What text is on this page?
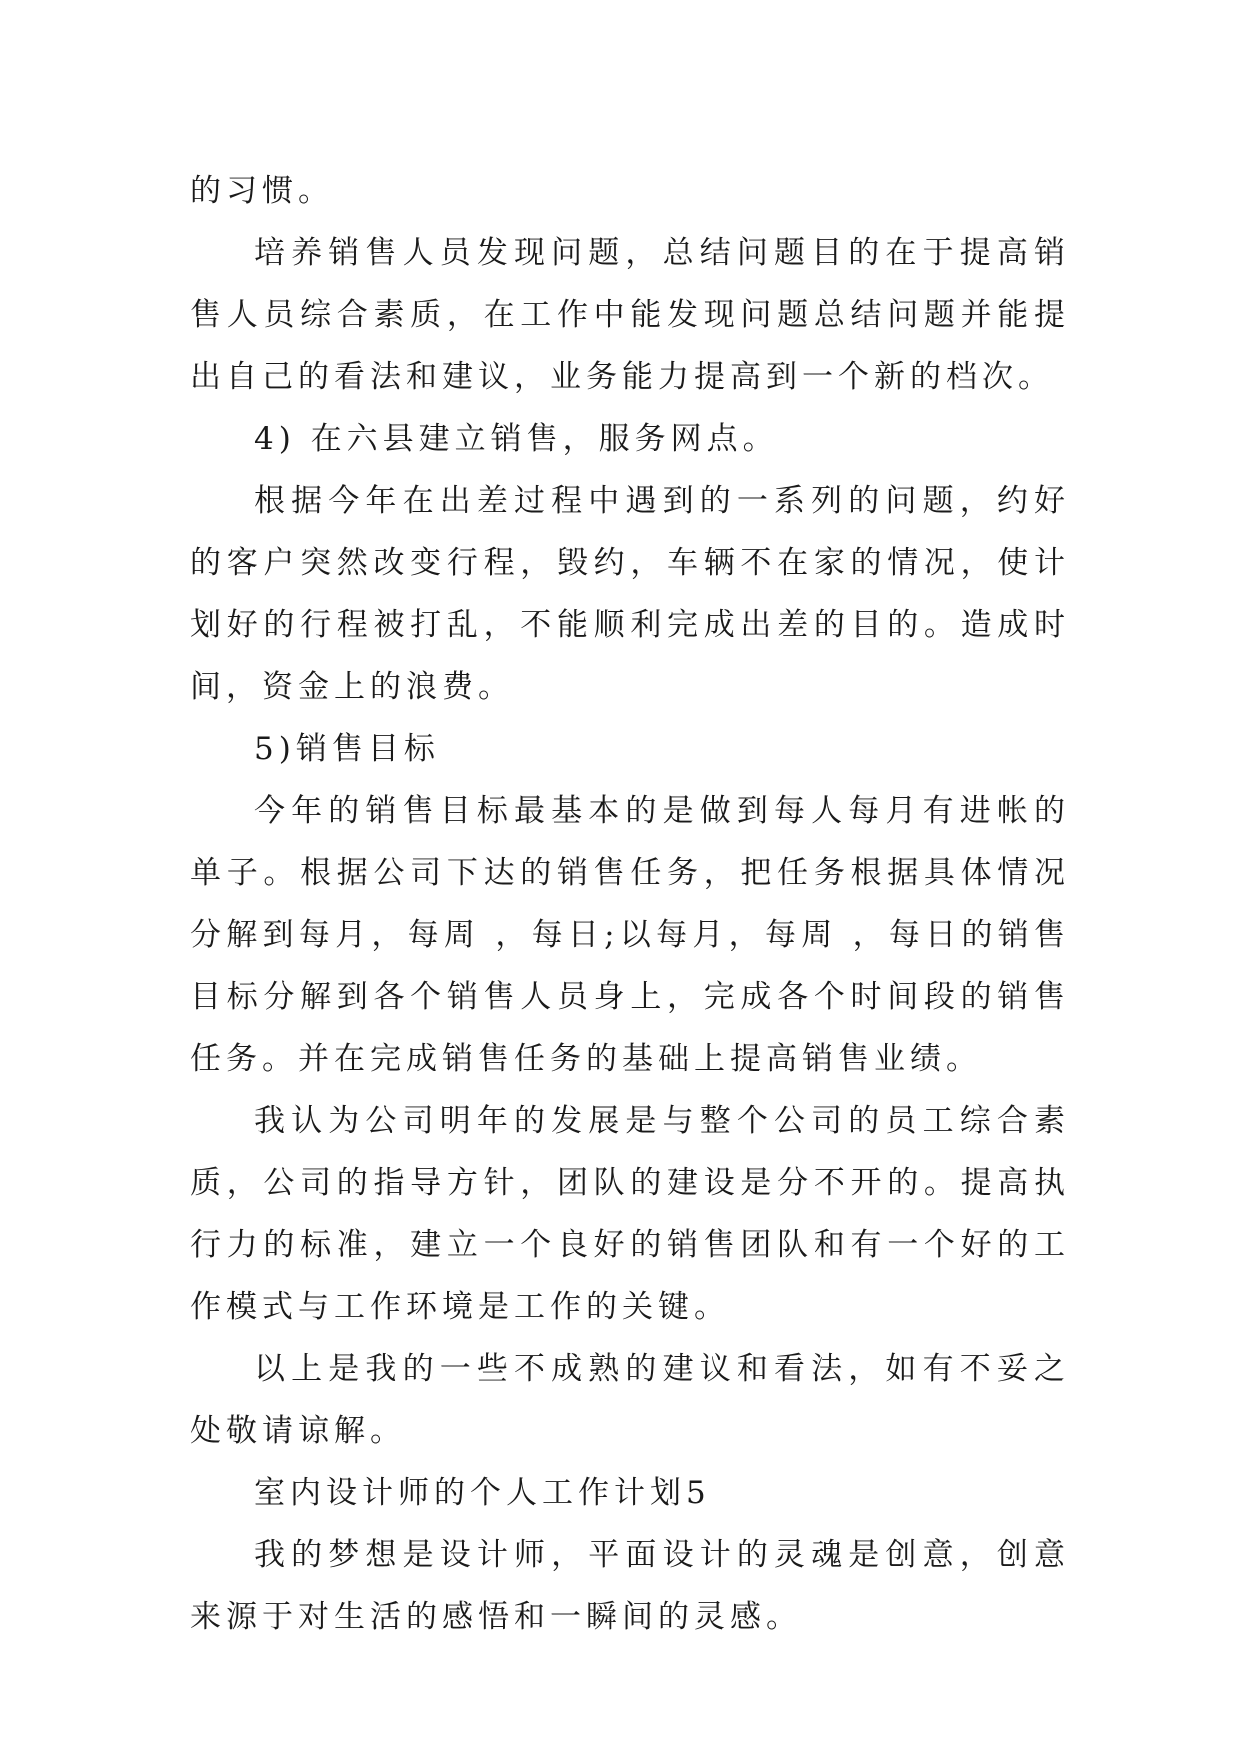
的习惯。

培养销售人员发现问题，总结问题目的在于提高销售人员综合素质，在工作中能发现问题总结问题并能提出自己的看法和建议，业务能力提高到一个新的档次。

4) 在六县建立销售，服务网点。

根据今年在出差过程中遇到的一系列的问题，约好的客户突然改变行程，毁约，车辆不在家的情况，使计划好的行程被打乱，不能顺利完成出差的目的。造成时间，资金上的浪费。

5)销售目标

今年的销售目标最基本的是做到每人每月有进帐的单子。根据公司下达的销售任务，把任务根据具体情况分解到每月，每周 ，每日;以每月，每周 ，每日的销售目标分解到各个销售人员身上，完成各个时间段的销售任务。并在完成销售任务的基础上提高销售业绩。

我认为公司明年的发展是与整个公司的员工综合素质，公司的指导方针，团队的建设是分不开的。提高执行力的标准，建立一个良好的销售团队和有一个好的工作模式与工作环境是工作的关键。

以上是我的一些不成熟的建议和看法，如有不妥之处敬请谅解。

室内设计师的个人工作计划5

我的梦想是设计师，平面设计的灵魂是创意，创意来源于对生活的感悟和一瞬间的灵感。
